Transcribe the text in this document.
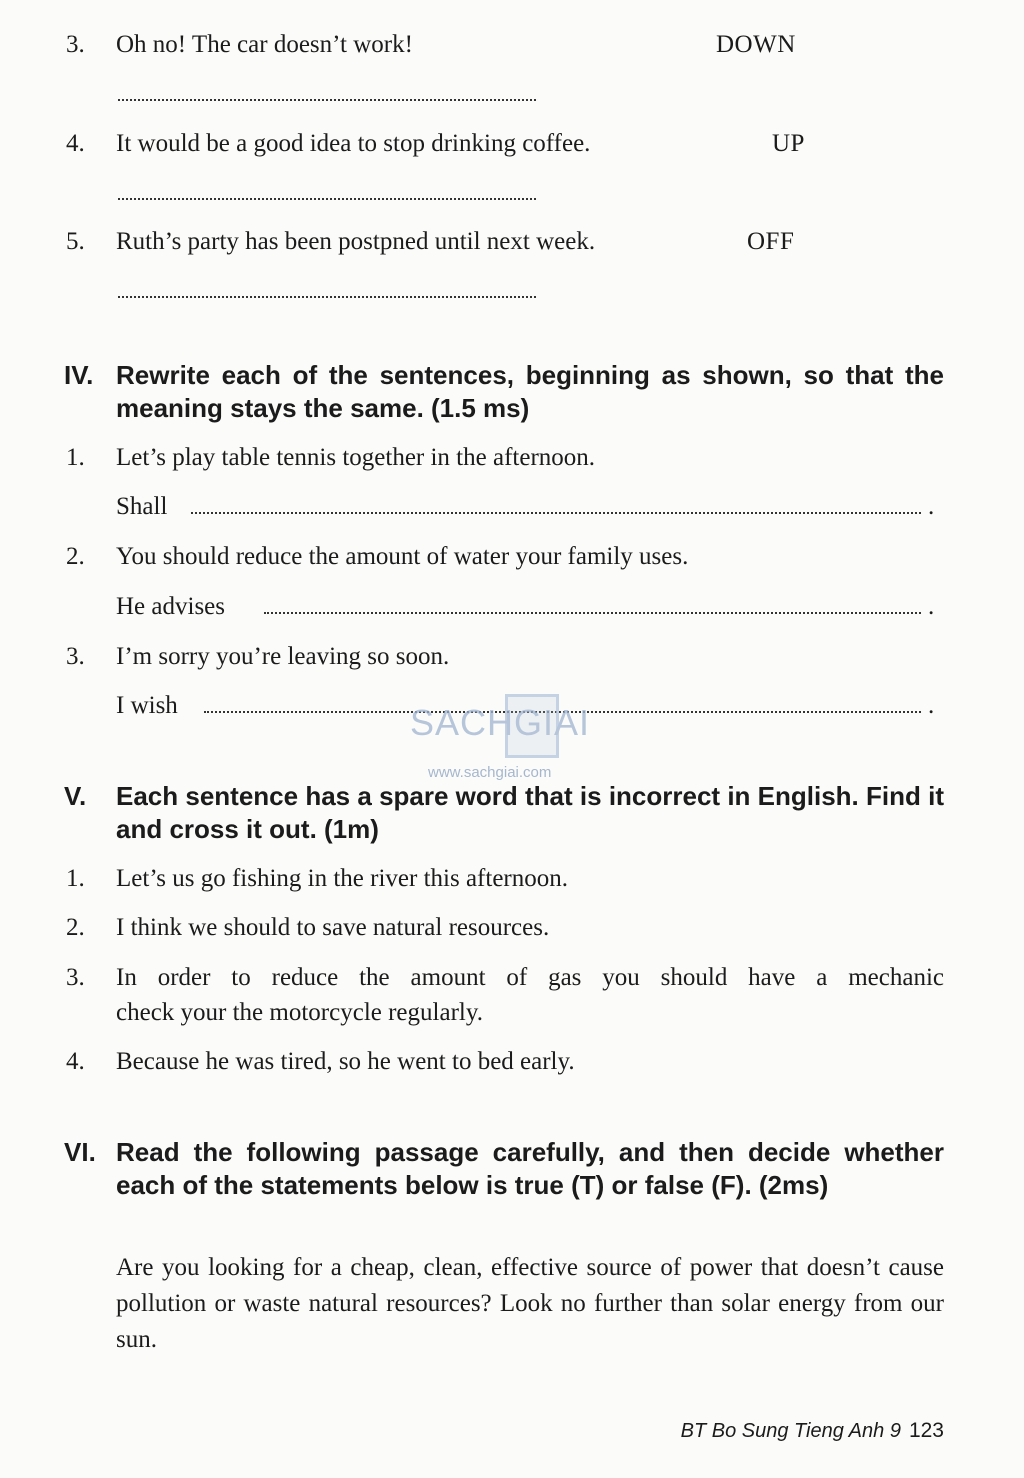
3.	Oh no! The car doesn’t work!	DOWN
4.	It would be a good idea to stop drinking coffee.	UP
5.	Ruth’s party has been postpned until next week.	OFF
IV. Rewrite each of the sentences, beginning as shown, so that the meaning stays the same. (1.5 ms)
1.	Let’s play table tennis together in the afternoon.
Shall	.
2.	You should reduce the amount of water your family uses.
He advises	.
3.	I’m sorry you’re leaving so soon.
I wish	.
SACHGIAI
www.sachgiai.com
V. Each sentence has a spare word that is incorrect in English. Find it and cross it out. (1m)
1.	Let’s us go fishing in the river this afternoon.
2.	I think we should to save natural resources.
3.	In order to reduce the amount of gas you should have a mechanic
check your the motorcycle regularly.
4.	Because he was tired, so he went to bed early.
VI. Read the following passage carefully, and then decide whether each of the statements below is true (T) or false (F). (2ms)
Are you looking for a cheap, clean, effective source of power that doesn’t cause pollution or waste natural resources? Look no further than solar energy from our sun.
BT Bo Sung Tieng Anh 9 123
